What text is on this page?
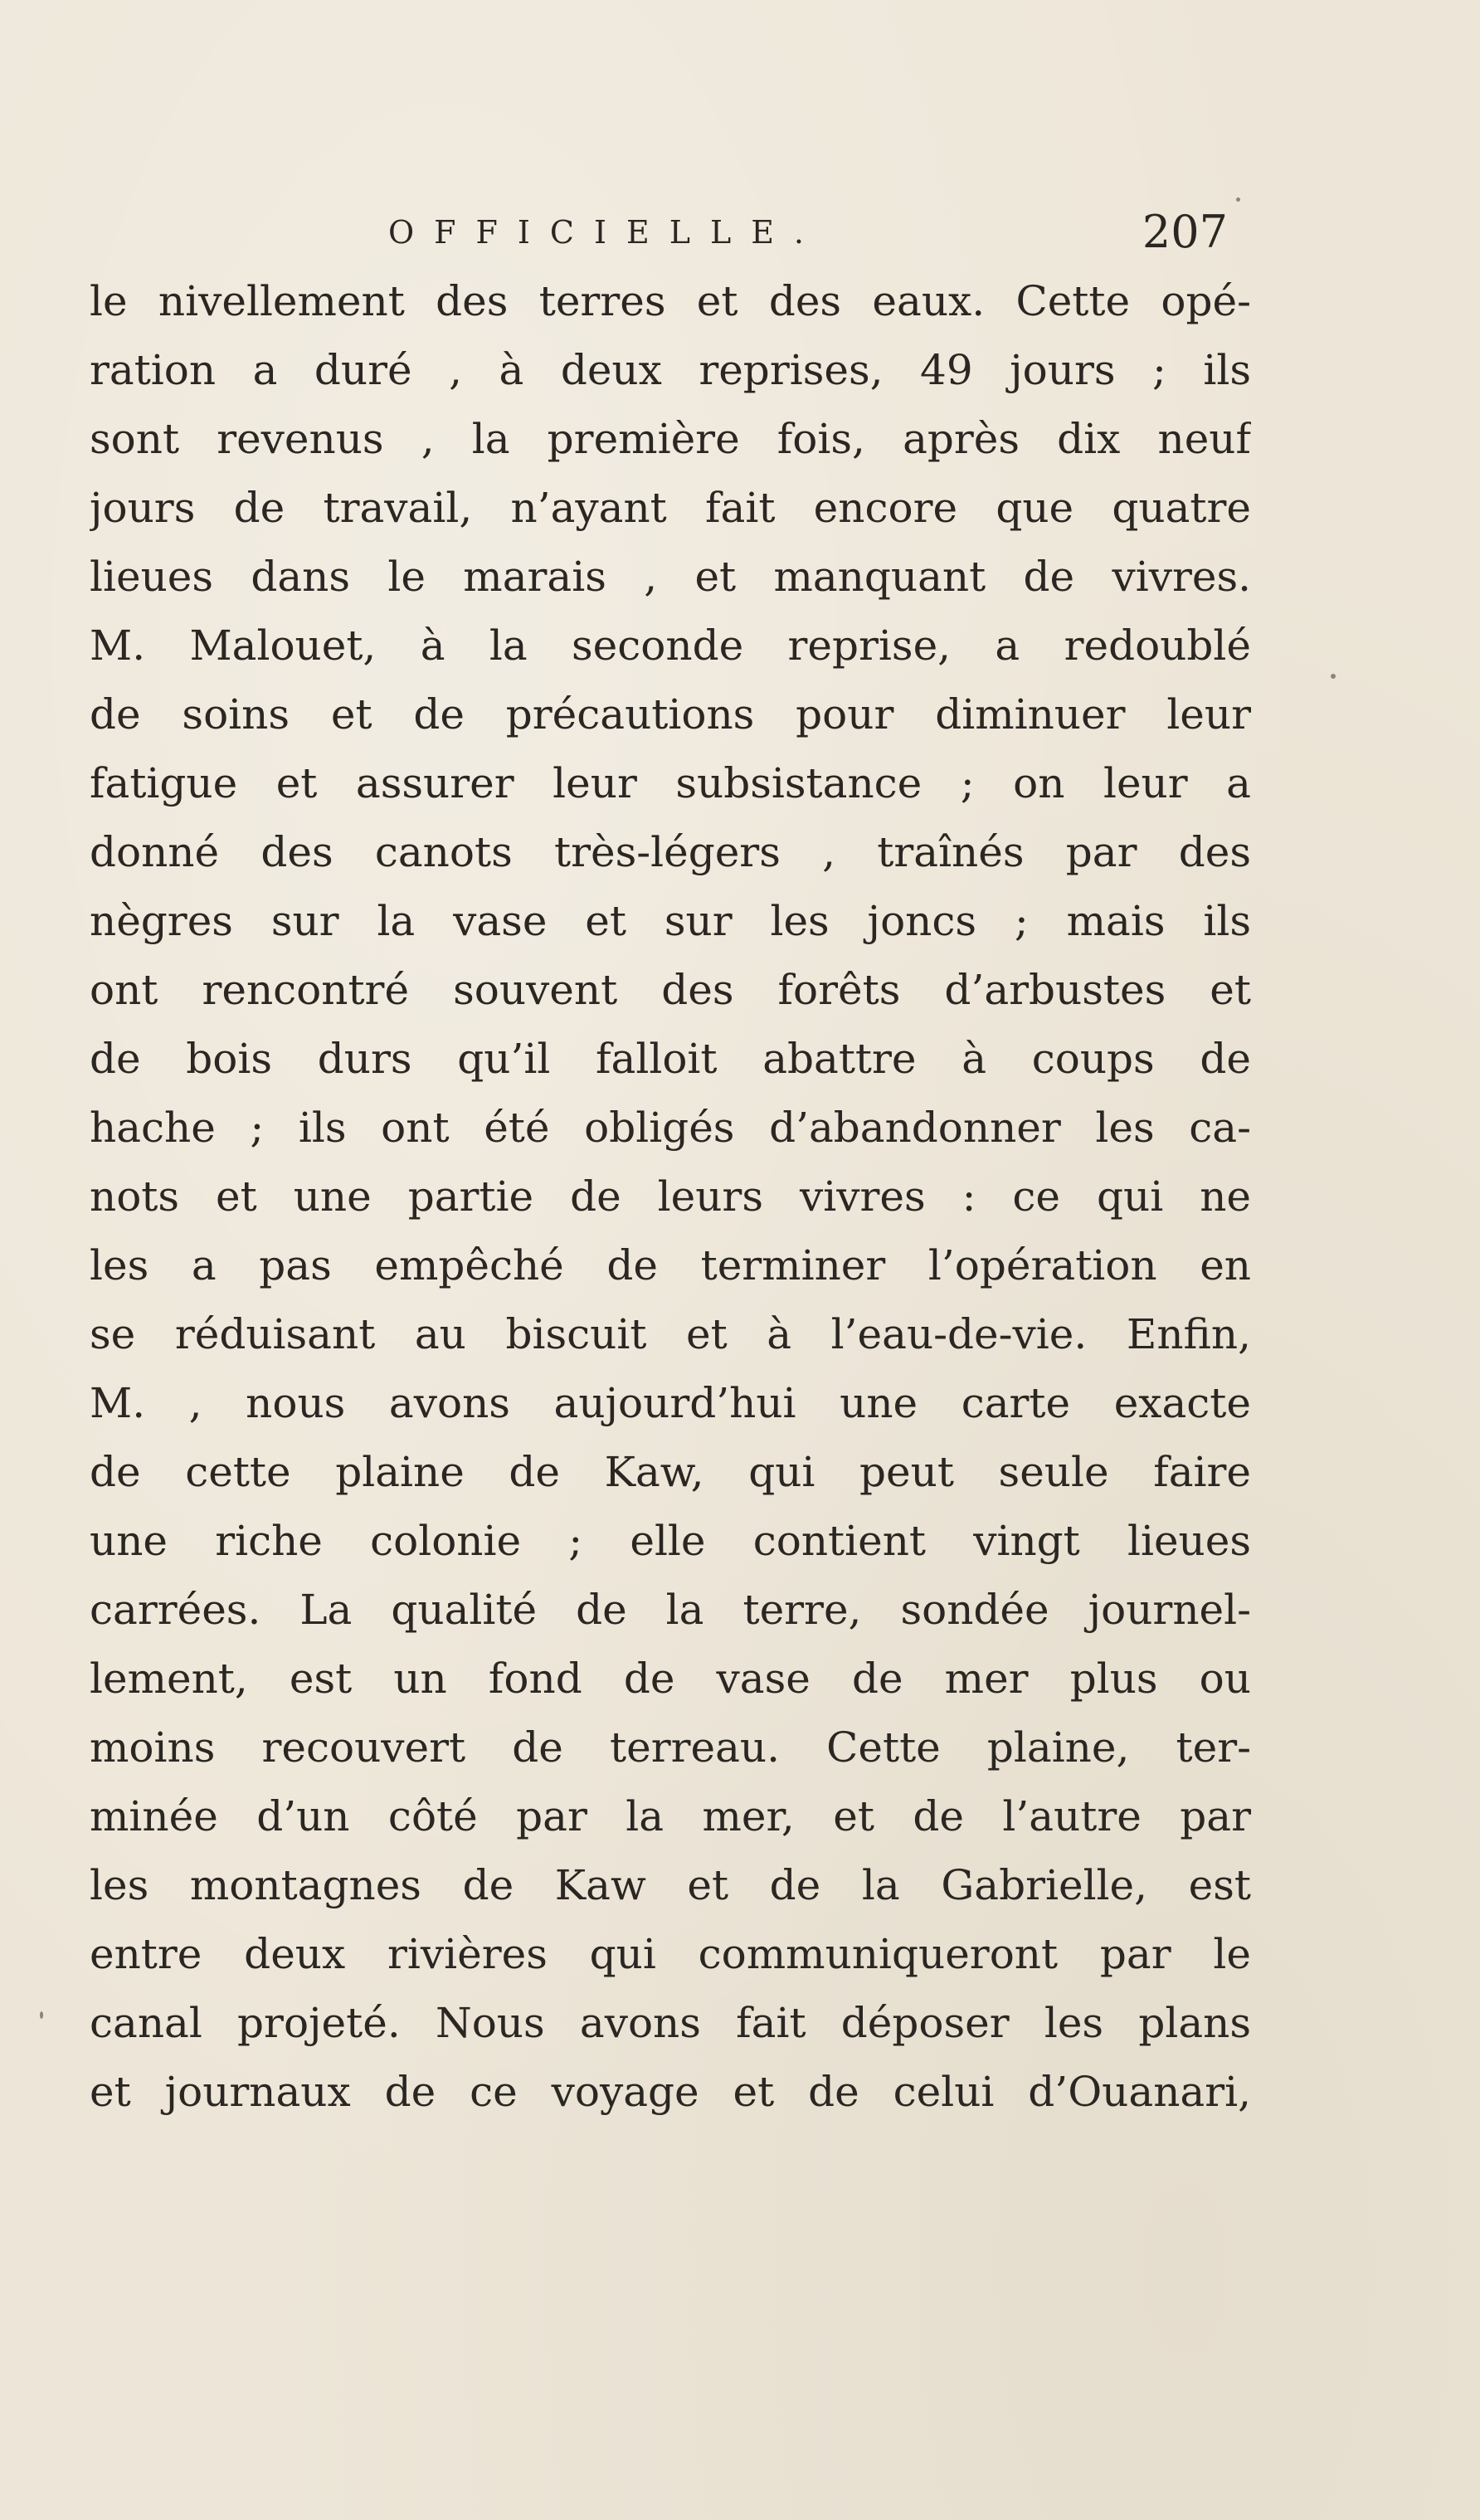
OFFICIELLE.	207
le nivellement des terres et des eaux. Cette opé-
ration a duré , à deux reprises, 49 jours ; ils
sont revenus , la première fois, après dix neuf
jours de travail, n’ayant fait encore que quatre
lieues dans le marais , et manquant de vivres.
M. Malouet, à la seconde reprise, a redoublé
de soins et de précautions pour diminuer leur
fatigue et assurer leur subsistance ; on leur a
donné des canots très-légers , traînés par des
nègres sur la vase et sur les joncs ; mais ils
ont rencontré souvent des forêts d’arbustes et
de bois durs qu’il falloit abattre à coups de
hache ; ils ont été obligés d’abandonner les ca-
nots et une partie de leurs vivres : ce qui ne
les a pas empêché de terminer l’opération en
se réduisant au biscuit et à l’eau-de-vie. Enfin,
M. , nous avons aujourd’hui une carte exacte
de cette plaine de Kaw, qui peut seule faire
une riche colonie ; elle contient vingt lieues
carrées. La qualité de la terre, sondée journel-
lement, est un fond de vase de mer plus ou
moins recouvert de terreau. Cette plaine, ter-
minée d’un côté par la mer, et de l’autre par
les montagnes de Kaw et de la Gabrielle, est
entre deux rivières qui communiqueront par le
canal projeté. Nous avons fait déposer les plans
et journaux de ce voyage et de celui d’Ouanari,
